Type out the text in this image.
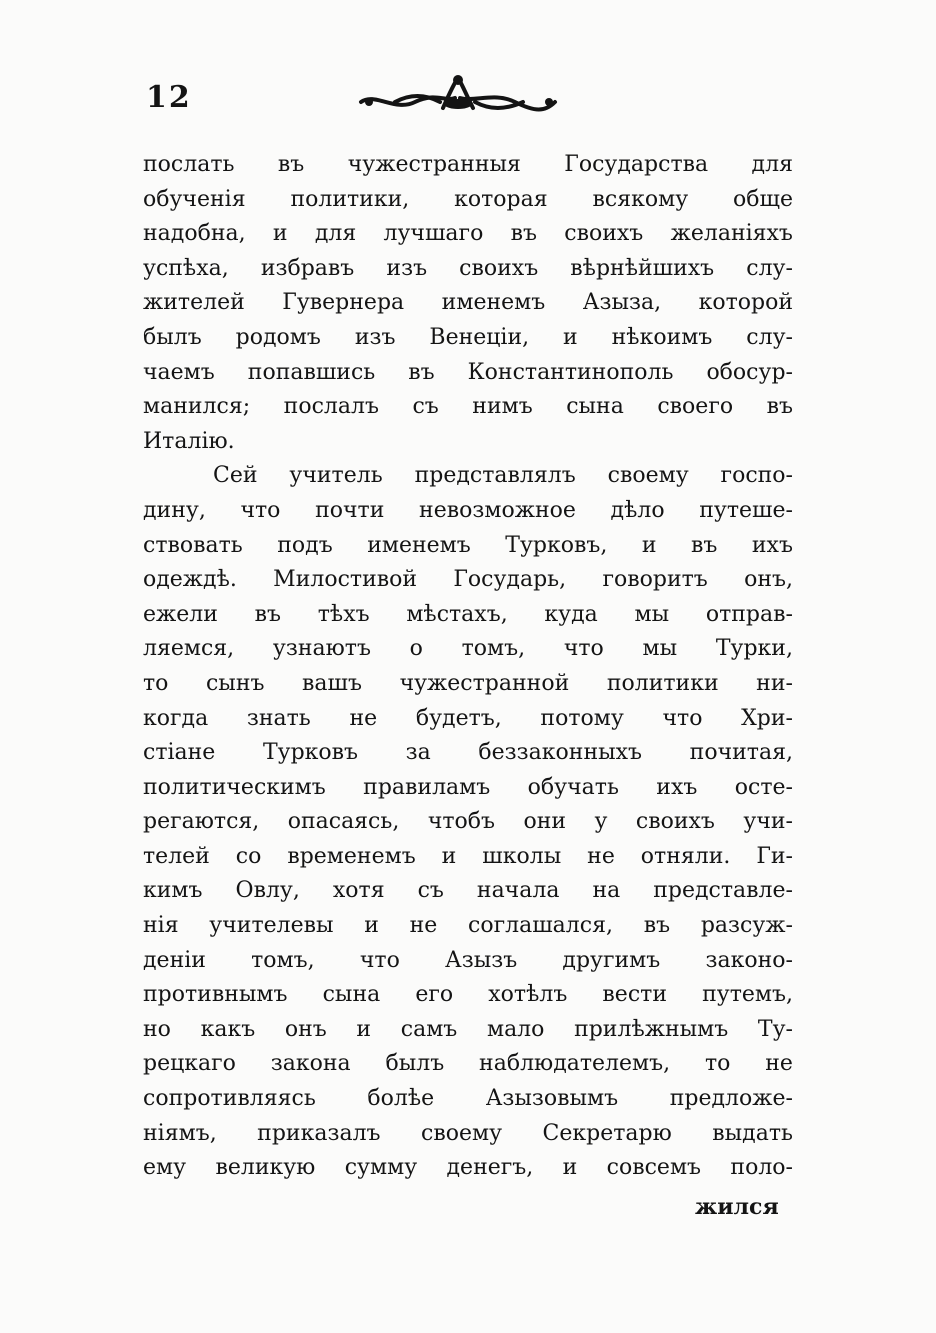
12
послать въ чужестранныя Государства для
обученія политики, которая всякому обще
надобна, и для лучшаго въ своихъ желаніяхъ
успѣха, избравъ изъ своихъ вѣрнѣйшихъ слу-
жителей Гувернера именемъ Азыза, которой
былъ родомъ изъ Венеціи, и нѣкоимъ слу-
чаемъ попавшись въ Константинополь обосур-
манился; послалъ съ нимъ сына своего въ
Италію.
Сей учитель представлялъ своему госпо-
дину, что почти невозможное дѣло путеше-
ствовать подъ именемъ Турковъ, и въ ихъ
одеждѣ. Милостивой Государь, говоритъ онъ,
ежели въ тѣхъ мѣстахъ, куда мы отправ-
ляемся, узнаютъ о томъ, что мы Турки,
то сынъ вашъ чужестранной политики ни-
когда знать не будетъ, потому что Хри-
стіане Турковъ за беззаконныхъ почитая,
политическимъ правиламъ обучать ихъ осте-
регаются, опасаясь, чтобъ они у своихъ учи-
телей со временемъ и школы не отняли. Ги-
кимъ Овлу, хотя съ начала на представле-
нія учителевы и не соглашался, въ разсуж-
деніи томъ, что Азызъ другимъ законо-
противнымъ сына его хотѣлъ вести путемъ,
но какъ онъ и самъ мало прилѣжнымъ Ту-
рецкаго закона былъ наблюдателемъ, то не
сопротивляясь болѣе Азызовымъ предложе-
ніямъ, приказалъ своему Секретарю выдать
ему великую сумму денегъ, и совсемъ поло-
жился
